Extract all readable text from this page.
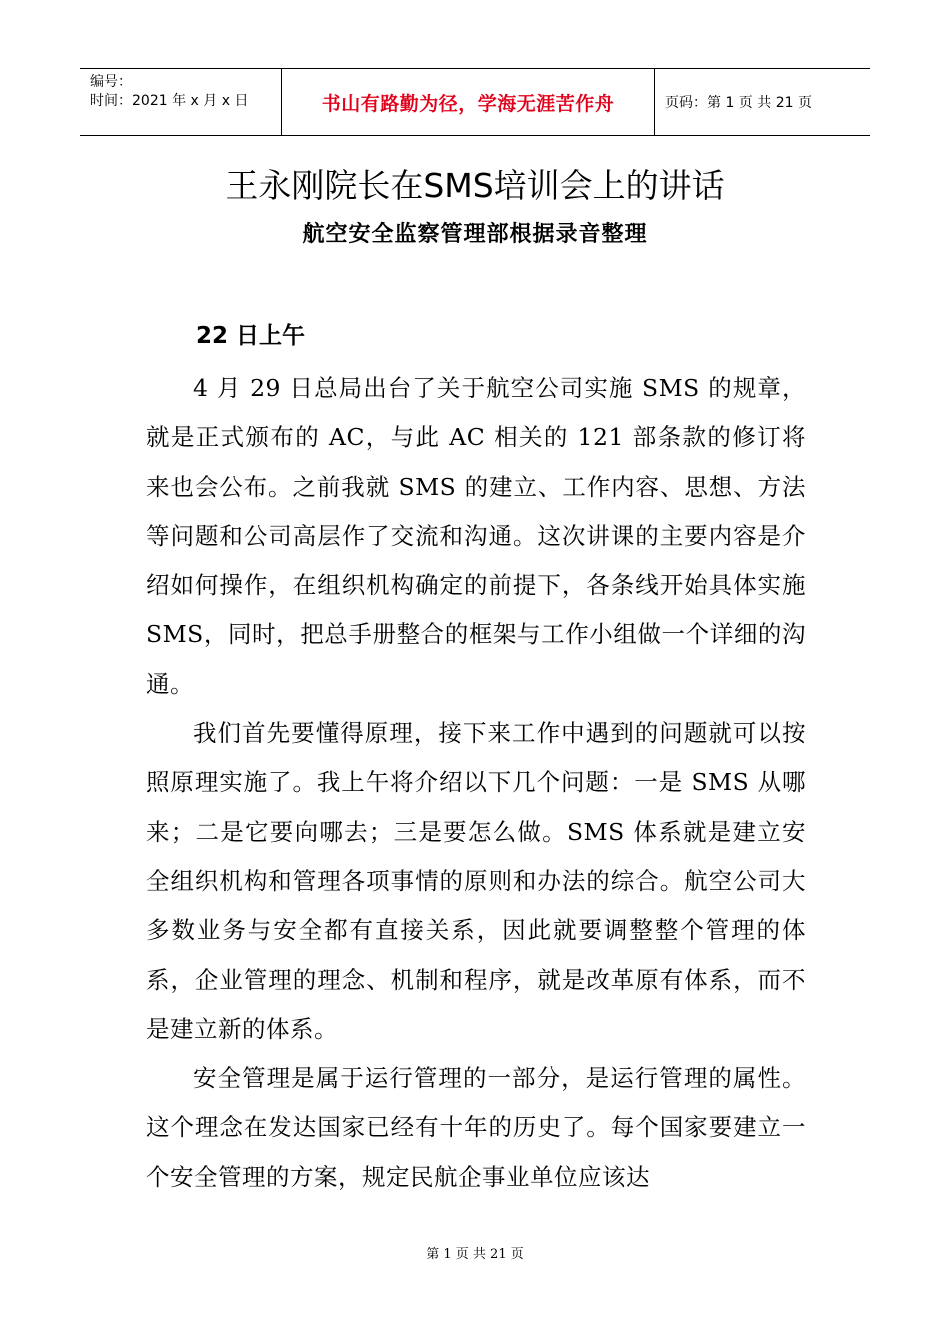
编号：
时间：2021 年 x 月 x 日	书山有路勤为径，学海无涯苦作舟	页码：第 1 页 共 21 页
王永刚院长在SMS培训会上的讲话
航空安全监察管理部根据录音整理
22 日上午

4 月 29 日总局出台了关于航空公司实施 SMS 的规章，就是正式颁布的 AC，与此 AC 相关的 121 部条款的修订将来也会公布。之前我就 SMS 的建立、工作内容、思想、方法等问题和公司高层作了交流和沟通。这次讲课的主要内容是介绍如何操作，在组织机构确定的前提下，各条线开始具体实施 SMS，同时，把总手册整合的框架与工作小组做一个详细的沟通。

我们首先要懂得原理，接下来工作中遇到的问题就可以按照原理实施了。我上午将介绍以下几个问题：一是 SMS 从哪来；二是它要向哪去；三是要怎么做。SMS 体系就是建立安全组织机构和管理各项事情的原则和办法的综合。航空公司大多数业务与安全都有直接关系，因此就要调整整个管理的体系，企业管理的理念、机制和程序，就是改革原有体系，而不是建立新的体系。

安全管理是属于运行管理的一部分，是运行管理的属性。这个理念在发达国家已经有十年的历史了。每个国家要建立一个安全管理的方案，规定民航企事业单位应该达

第 1 页 共 21 页
